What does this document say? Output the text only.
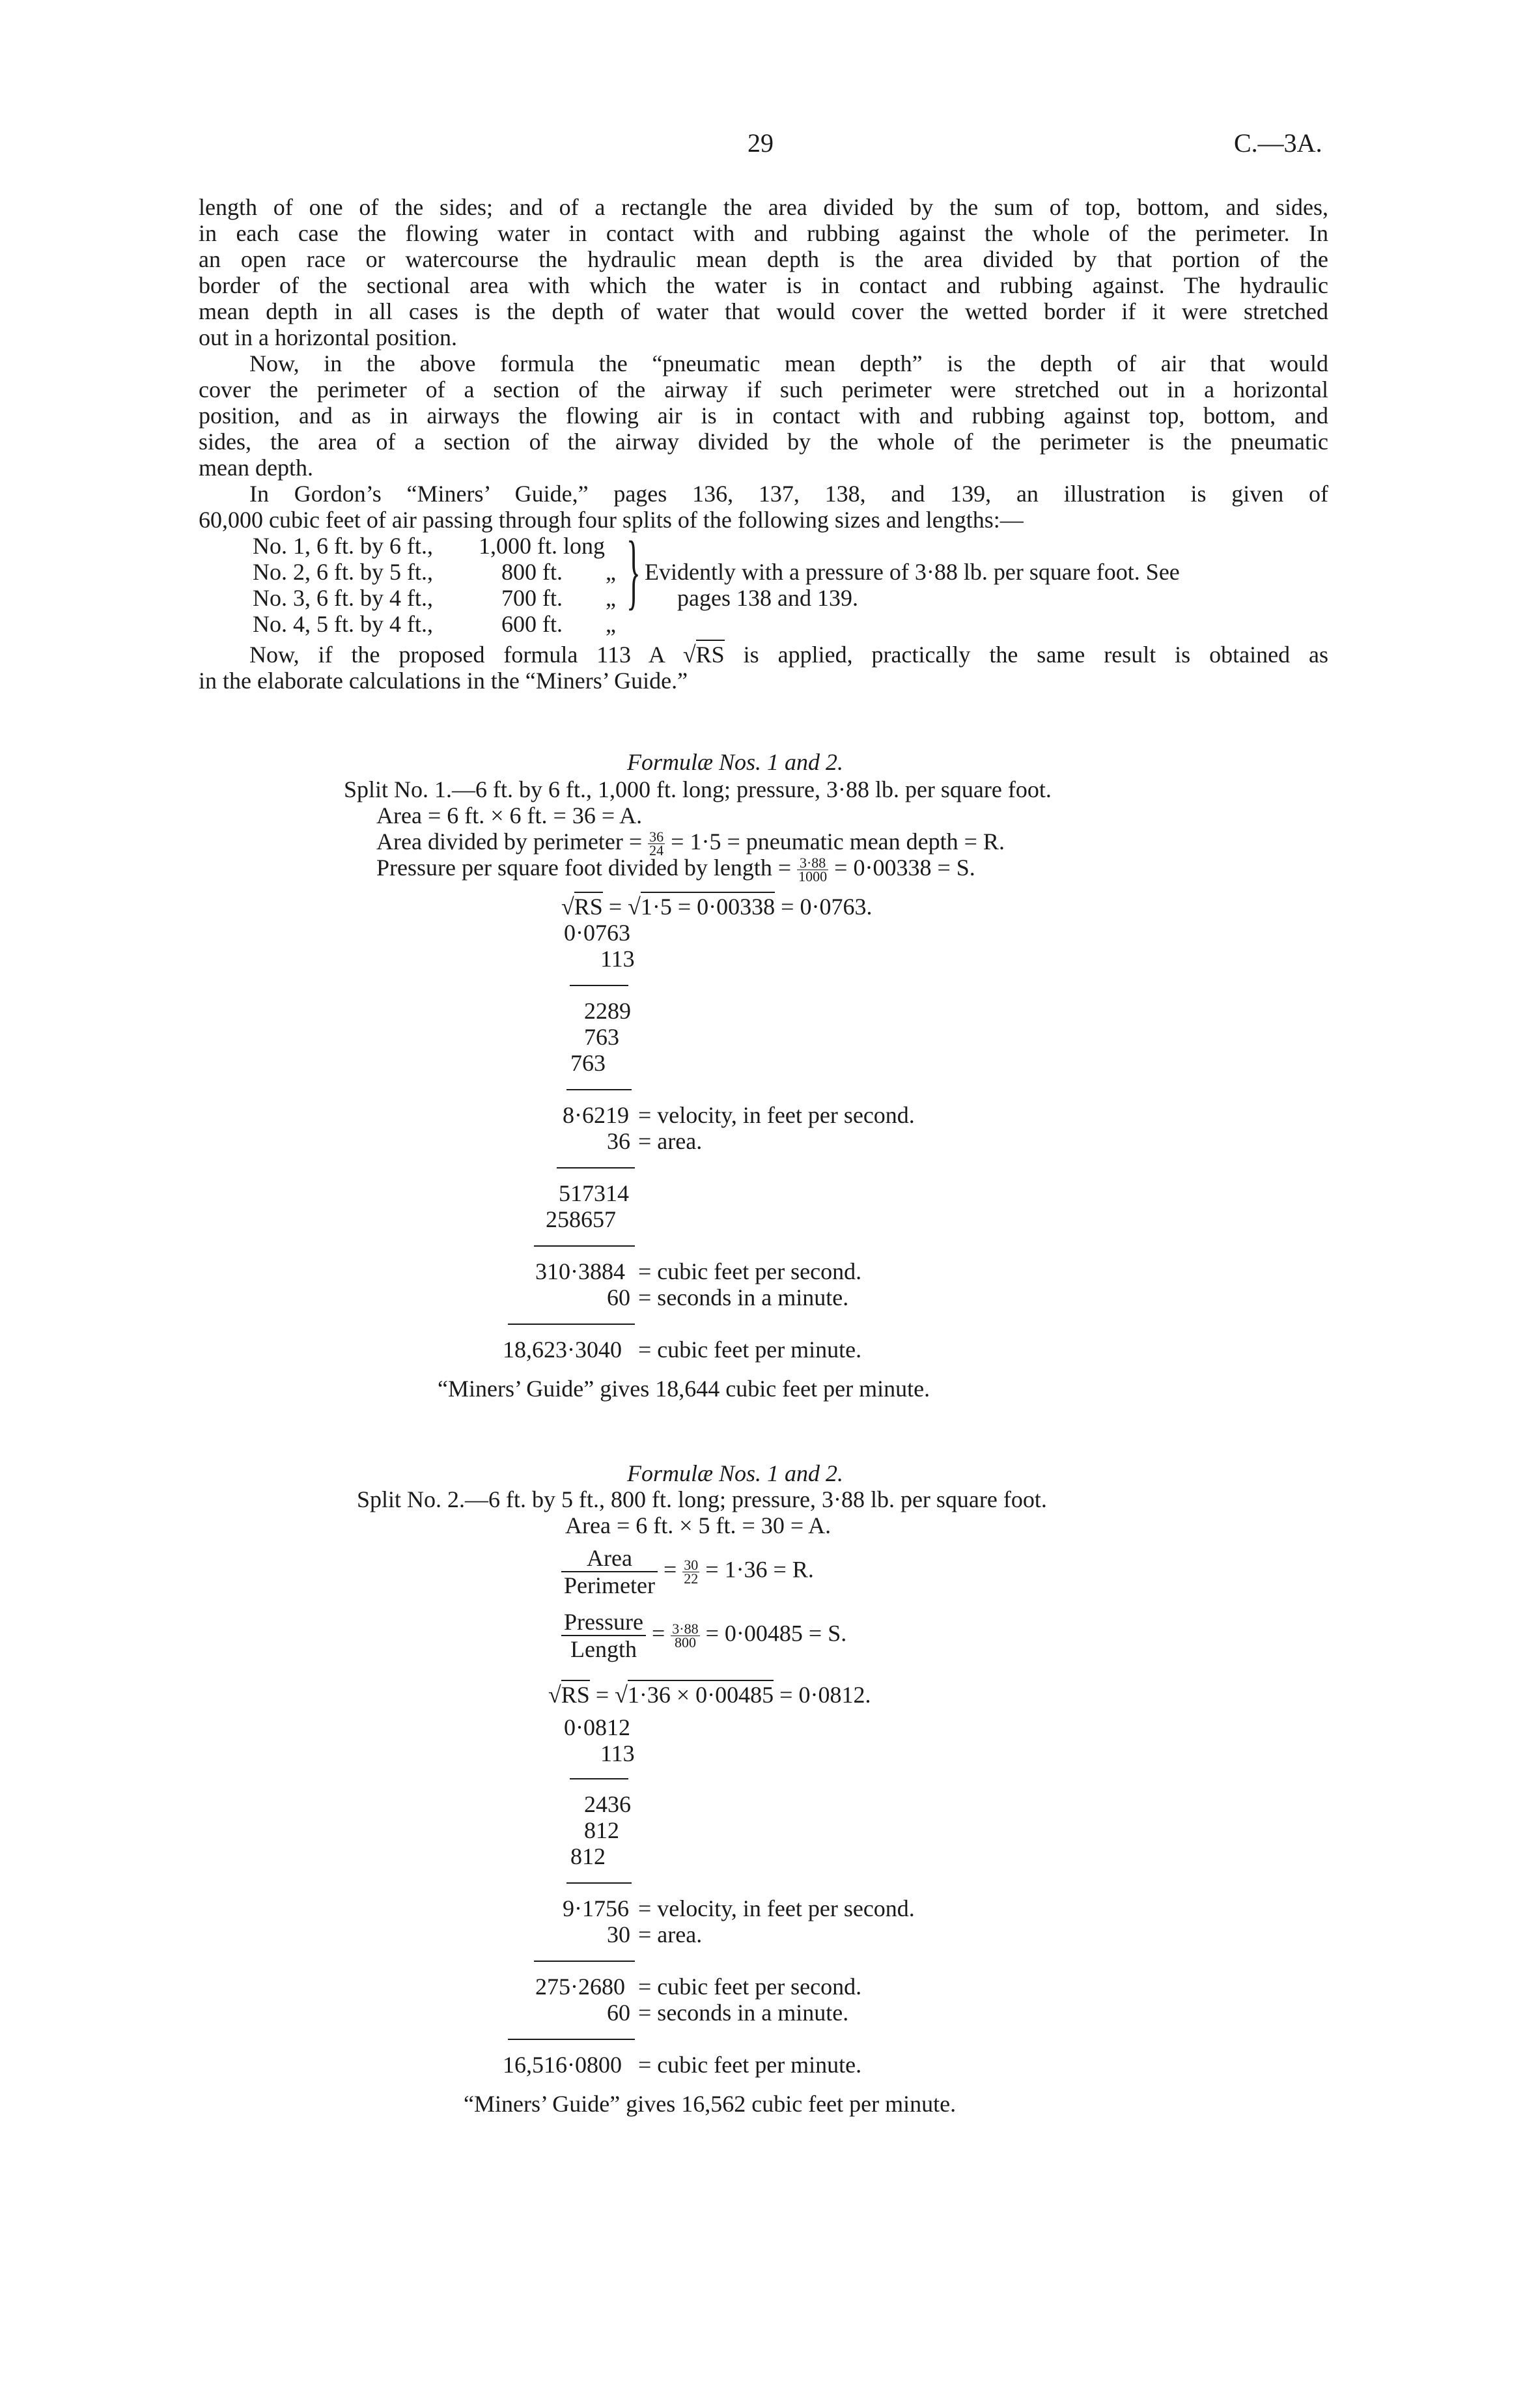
29	C.—3A.
length of one of the sides; and of a rectangle the area divided by the sum of top, bottom, and sides,
in each case the flowing water in contact with and rubbing against the whole of the perimeter. In
an open race or watercourse the hydraulic mean depth is the area divided by that portion of the
border of the sectional area with which the water is in contact and rubbing against. The hydraulic
mean depth in all cases is the depth of water that would cover the wetted border if it were stretched
out in a horizontal position.
Now, in the above formula the “pneumatic mean depth” is the depth of air that would
cover the perimeter of a section of the airway if such perimeter were stretched out in a horizontal
position, and as in airways the flowing air is in contact with and rubbing against top, bottom, and
sides, the area of a section of the airway divided by the whole of the perimeter is the pneumatic
mean depth.
In Gordon’s “Miners’ Guide,” pages 136, 137, 138, and 139, an illustration is given of
60,000 cubic feet of air passing through four splits of the following sizes and lengths:—
No. 1, 6 ft. by 6 ft., 1,000 ft. long
No. 2, 6 ft. by 5 ft.,	800 ft. „
No. 3, 6 ft. by 4 ft.,	700 ft. „
No. 4, 5 ft. by 4 ft.,	600 ft. „
} Evidently with a pressure of 3·88 lb. per square foot. See
pages 138 and 139.
Now, if the proposed formula 113 A √RS is applied, practically the same result is obtained as
in the elaborate calculations in the “Miners’ Guide.”
Formulæ Nos. 1 and 2.
Split No. 1.—6 ft. by 6 ft., 1,000 ft. long; pressure, 3·88 lb. per square foot.
Area = 6 ft. × 6 ft. = 36 = A.
Area divided by perimeter = $\frac{36}{24} = 1\cdot 5$ = pneumatic mean depth = R.
Pressure per square foot divided by length = $\frac{3\cdot 88}{1000} = 0\cdot 00338 = S$.
√RS = √1·5 = 0·00338 = 0·0763.
0·0763
113
2289
763
763
8·6219 = velocity, in feet per second.
36 = area.
517314
258657
310·3884 = cubic feet per second.
60 = seconds in a minute.
18,623·3040 = cubic feet per minute.
“Miners’ Guide” gives 18,644 cubic feet per minute.
Formulæ Nos. 1 and 2.
Split No. 2.—6 ft. by 5 ft., 800 ft. long; pressure, 3·88 lb. per square foot.
Area = 6 ft. × 5 ft. = 30 = A.
$\frac{\text{Area}}{\text{Perimeter}} = \frac{30}{22} = 1\cdot 36 = R$.
$\frac{\text{Pressure}}{\text{Length}} = \frac{3\cdot 88}{800} = 0\cdot 00485 = S$.
√RS = √1·36 × 0·00485 = 0·0812.
0·0812
113
2436
812
812
9·1756 = velocity, in feet per second.
30 = area.
275·2680 = cubic feet per second.
60 = seconds in a minute.
16,516·0800 = cubic feet per minute.
“Miners’ Guide” gives 16,562 cubic feet per minute.
